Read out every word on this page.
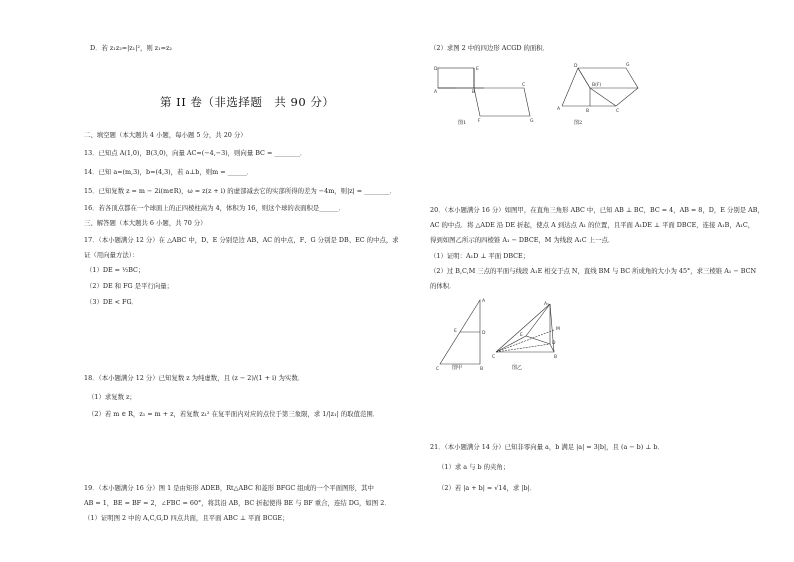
D．若 z₁z₂=|z₁|²，则 z₁=z₂
第 II 卷（非选择题　共 90 分）
二、填空题（本大题共 4 小题，每小题 5 分，共 20 分）
13．已知点 A(1,0)，B(3,0)，向量 AC=(−4,−3)，则向量 BC = ________．
14．已知 a=(m,3)，b=(4,3)，若 a⊥b，则m = ______．
15．已知复数 z = m − 2i(m∈R)，ω = z(z + i) 的虚部减去它的实部所得的差为 −4m，则|z| = ________．
16．若各顶点都在一个球面上的正四棱柱高为 4，体积为 16，则这个球的表面积是______．
三、解答题（本大题共 6 小题，共 70 分）
17．（本小题满分 12 分）在 △ABC 中，D、E 分别是边 AB、AC 的中点，F、G 分别是 DB、EC 的中点，求
证（用向量方法）：
（1）DE = ½BC；
（2）DE 和 FG 是平行向量；
（3）DE < FG．
18．（本小题满分 12 分）已知复数 z 为纯虚数，且 (z − 2)/(1 + i) 为实数．
（1）求复数 z；
（2）若 m ∈ R，z₁ = m + z，若复数 z₁² 在复平面内对应的点位于第三象限，求 1/|z₁| 的取值范围．
19．（本小题满分 16 分）图 1 是由矩形 ADEB，Rt△ABC 和菱形 BFGC 组成的一个平面图形，其中
AB = 1，BE = BF = 2，∠FBC = 60°，将其沿 AB，BC 折起使得 BE 与 BF 重合，连结 DG，如图 2．
（1）证明图 2 中的 A,C,G,D 四点共面，且平面 ABC ⊥ 平面 BCGE；
（2）求图 2 中的四边形 ACGD 的面积．
D	E
A	B
C
F	G
图1
D	G
B(F)
A	B	C
图2
20．（本小题满分 16 分）如图甲，在直角三角形 ABC 中，已知 AB ⊥ BC，BC = 4，AB = 8，D，E 分别是 AB，
AC 的中点．将 △ADE 沿 DE 折起，使点 A 到达点 A₁ 的位置，且平面 A₁DE ⊥ 平面 DBCE，连接 A₁B，A₁C，
得到如图乙所示的四棱锥 A₁ − DBCE，M 为线段 A₁C 上一点．
（1）证明：A₁D ⊥ 平面 DBCE；
（2）过 B,C,M 三点的平面与线段 A₁E 相交于点 N，直线 BM 与 BC 所成角的大小为 45°，求三棱锥 A₁ − BCN
的体积．
A
E	D
C	B
图甲
A₁
M
D
E
C	B
图乙
21．（本小题满分 14 分）已知非零向量 a，b 满足 |a| = 3|b|，且 (a − b) ⊥ b．
（1）求 a 与 b 的夹角；
（2）若 |a + b| = √14，求 |b|．
